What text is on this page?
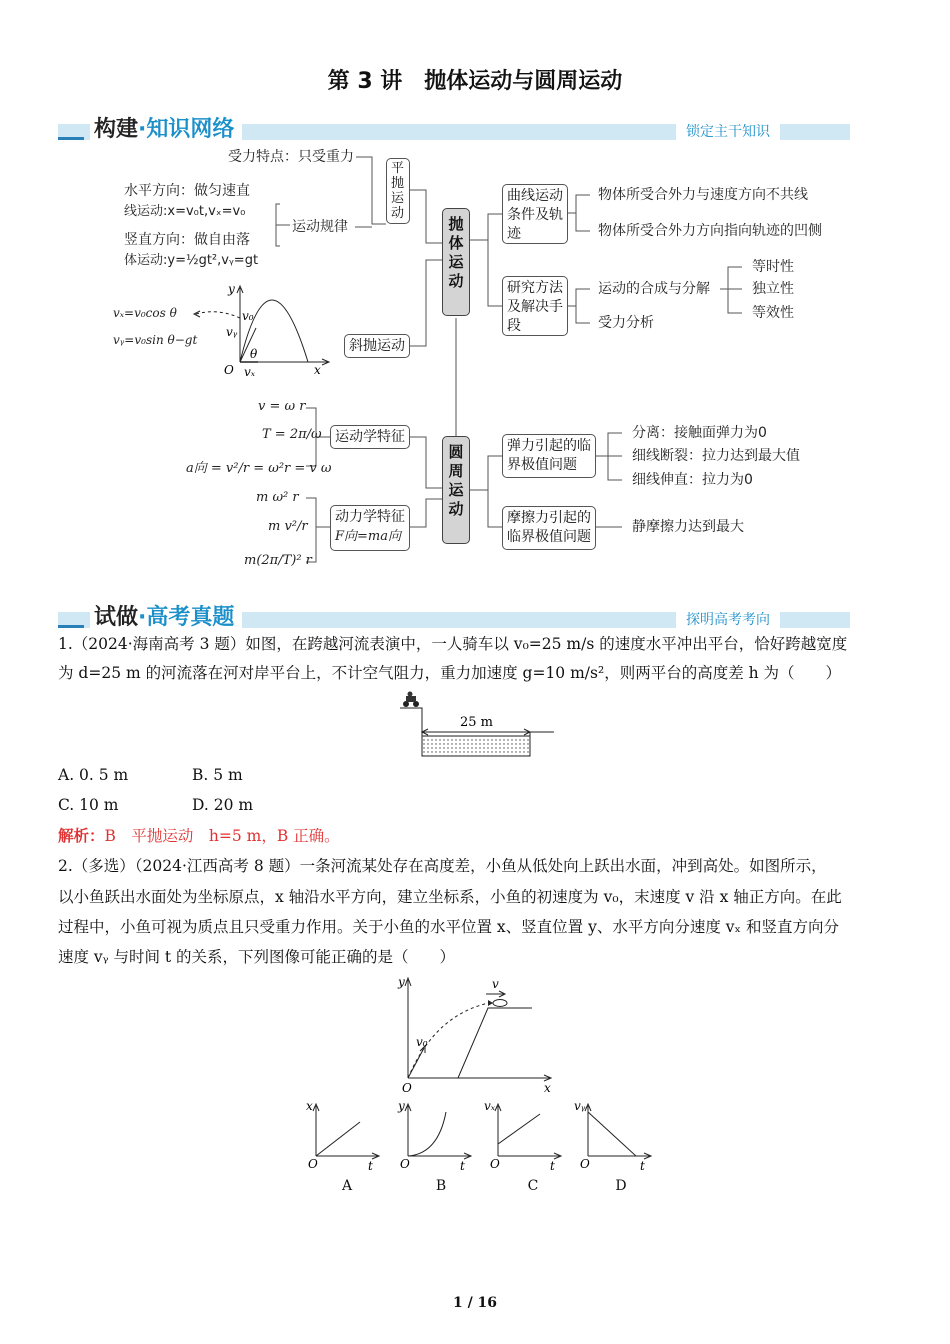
第 3 讲　抛体运动与圆周运动
构建·知识网络	锁定主干知识
y
x
O
v₀
vᵧ
vₓ
θ
受力特点：只受重力
水平方向：做匀速直
线运动:x=v₀t,vₓ=v₀
竖直方向：做自由落
体运动:y=½gt²,vᵧ=gt
运动规律
平抛运动
斜抛运动
vₓ=v₀cos θ
vᵧ=v₀sin θ−gt
抛体运动
曲线运动条件及轨迹
物体所受合外力与速度方向不共线
物体所受合外力方向指向轨迹的凹侧
研究方法及解决手段
运动的合成与分解
受力分析
等时性
独立性
等效性
v = ω r
T = 2π/ω
a向 = v²/r = ω²r = v ω
运动学特征
m ω² r
m v²/r
m(2π/T)² r
动力学特征
F向=ma向
圆周运动
弹力引起的临界极值问题
分离：接触面弹力为0
细线断裂：拉力达到最大值
细线伸直：拉力为0
摩擦力引起的临界极值问题
静摩擦力达到最大
试做·高考真题	探明高考考向
1.（2024·海南高考 3 题）如图，在跨越河流表演中，一人骑车以 v₀=25 m/s 的速度水平冲出平台，恰好跨越宽度
为 d=25 m 的河流落在河对岸平台上，不计空气阻力，重力加速度 g=10 m/s²，则两平台的高度差 h 为（　　）
25 m
A. 0. 5 m	B. 5 m
C. 10 m	D. 20 m
解析：B　平抛运动　h=5 m，B 正确。
2.（多选）（2024·江西高考 8 题）一条河流某处存在高度差，小鱼从低处向上跃出水面，冲到高处。如图所示，
以小鱼跃出水面处为坐标原点，x 轴沿水平方向，建立坐标系，小鱼的初速度为 v₀，末速度 v 沿 x 轴正方向。在此
过程中，小鱼可视为质点且只受重力作用。关于小鱼的水平位置 x、竖直位置 y、水平方向分速度 vₓ 和竖直方向分
速度 vᵧ 与时间 t 的关系，下列图像可能正确的是（　　）
y
x
O
v
v₀
x
t
O
A
y
t
O
B
vₓ
t
O
C
vᵧ
t
O
D
1 / 16
